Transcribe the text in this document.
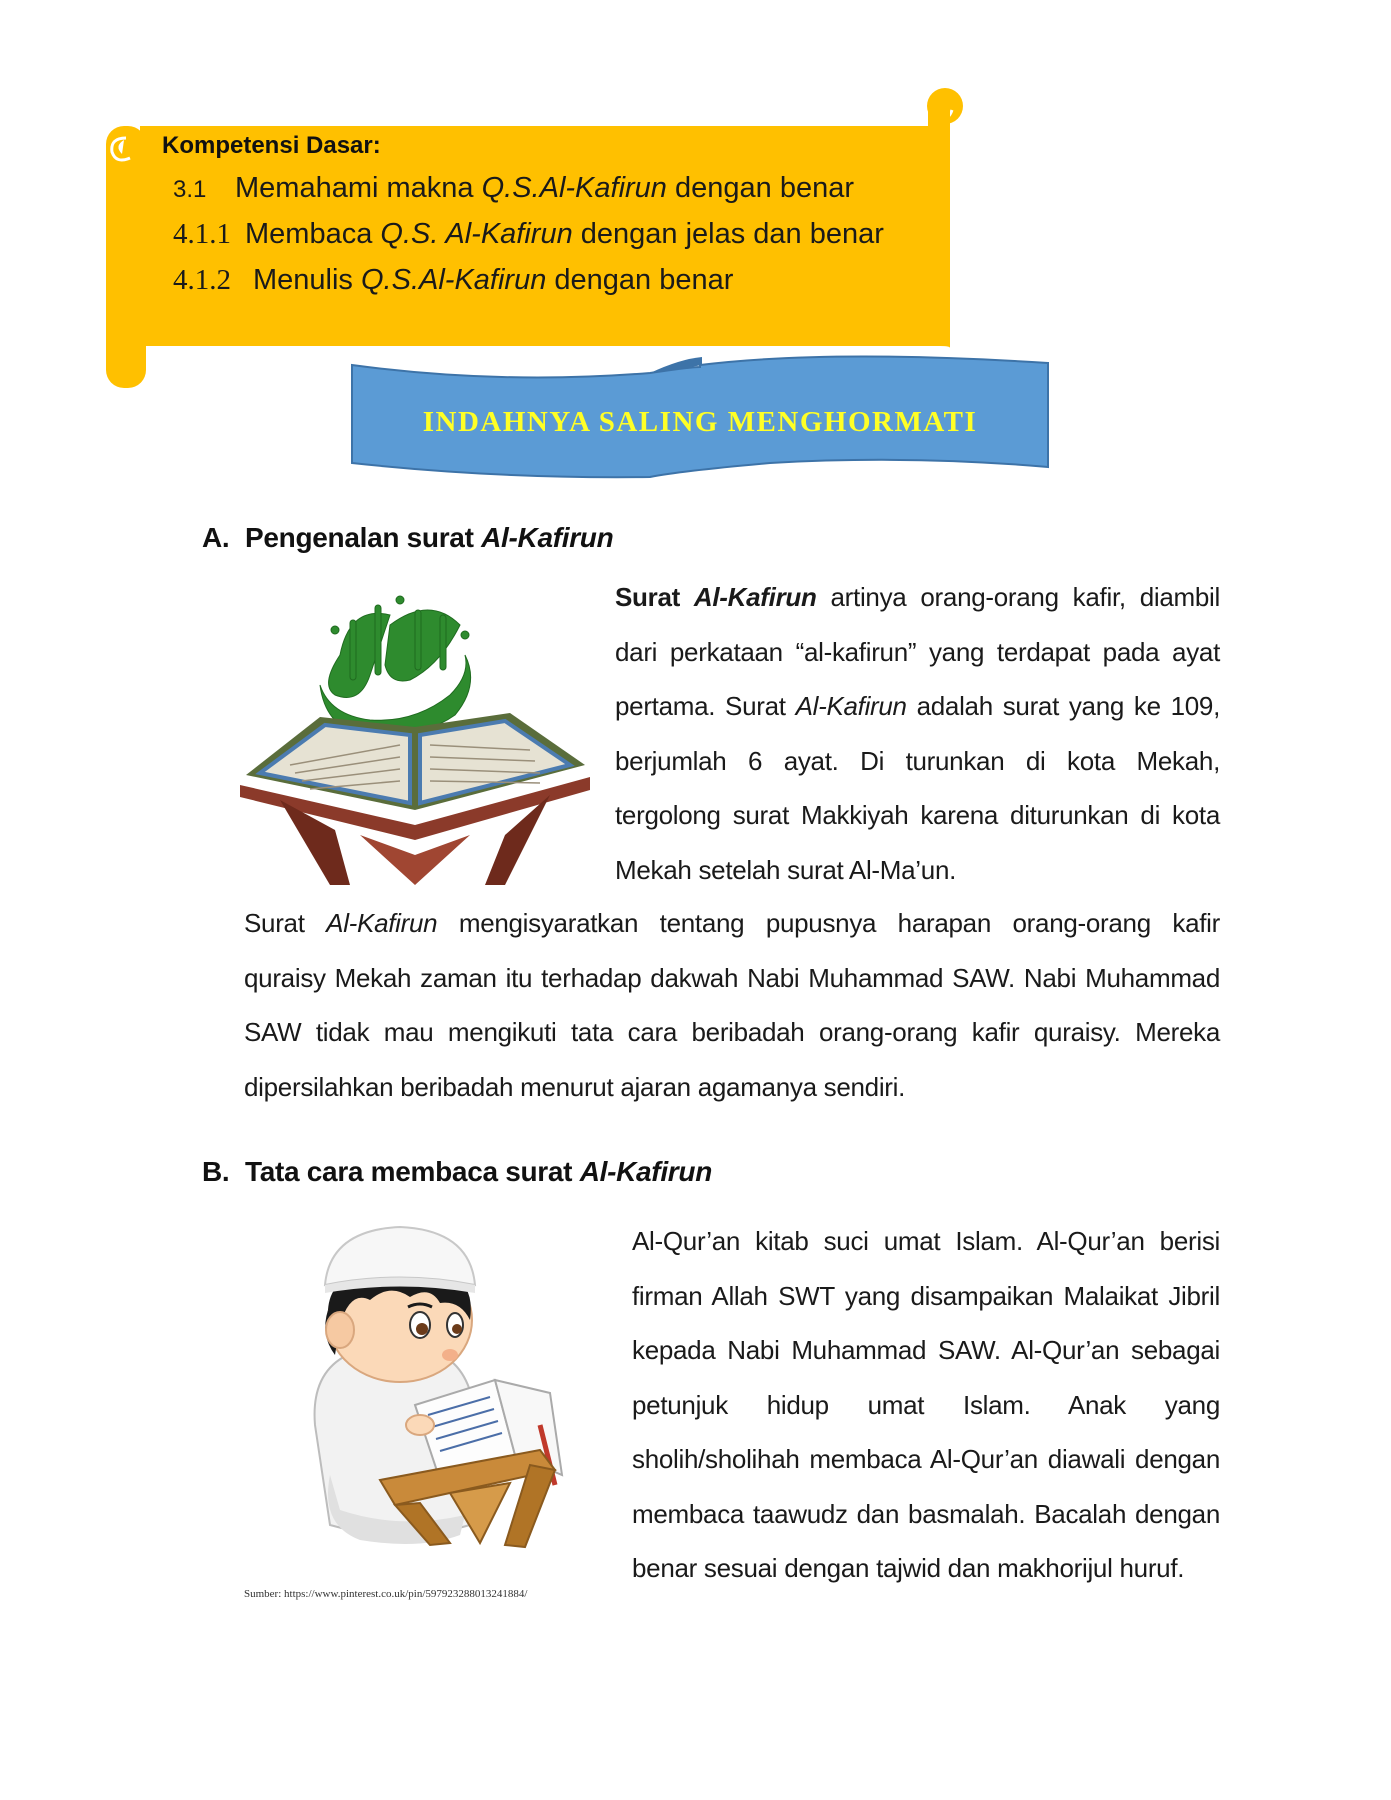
Kompetensi Dasar:
3.1 Memahami makna Q.S.Al-Kafirun dengan benar
4.1.1 Membaca Q.S. Al-Kafirun dengan jelas dan benar
4.1.2 Menulis Q.S.Al-Kafirun dengan benar
INDAHNYA SALING MENGHORMATI
A. Pengenalan surat Al-Kafirun
Surat Al-Kafirun artinya orang-orang kafir, diambil
dari perkataan “al-kafirun” yang terdapat pada ayat
pertama. Surat Al-Kafirun adalah surat yang ke 109,
berjumlah 6 ayat. Di turunkan di kota Mekah,
tergolong surat Makkiyah karena diturunkan di kota
Mekah setelah surat Al-Ma’un.
Surat Al-Kafirun mengisyaratkan tentang pupusnya harapan orang-orang kafir
quraisy Mekah zaman itu terhadap dakwah Nabi Muhammad SAW. Nabi Muhammad
SAW tidak mau mengikuti tata cara beribadah orang-orang kafir quraisy. Mereka
dipersilahkan beribadah menurut ajaran agamanya sendiri.
B. Tata cara membaca surat Al-Kafirun
Al-Qur’an kitab suci umat Islam. Al-Qur’an berisi
firman Allah SWT yang disampaikan Malaikat Jibril
kepada Nabi Muhammad SAW. Al-Qur’an sebagai
petunjuk hidup umat Islam. Anak yang
sholih/sholihah membaca Al-Qur’an diawali dengan
membaca taawudz dan basmalah. Bacalah dengan
benar sesuai dengan tajwid dan makhorijul huruf.
Sumber: https://www.pinterest.co.uk/pin/597923288013241884/
